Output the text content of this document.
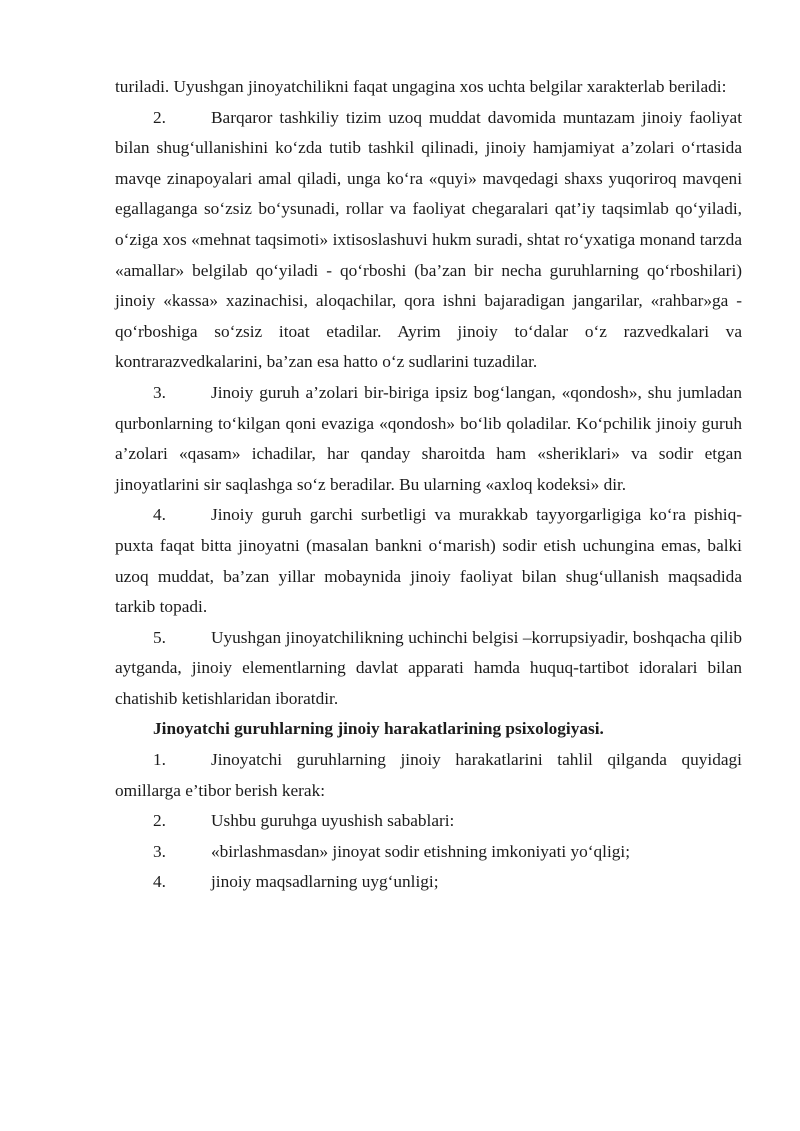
turiladi. Uyushgan jinoyatchilikni faqat ungagina xos uchta belgilar xarakterlab beriladi:

2.	Barqaror tashkiliy tizim uzoq muddat davomida muntazam jinoiy faoliyat bilan shug‘ullanishini ko‘zda tutib tashkil qilinadi, jinoiy hamjamiyat a’zolari o‘rtasida mavqe zinapoyalari amal qiladi, unga ko‘ra «quyi» mavqedagi shaxs yuqoriroq mavqeni egallaganga so‘zsiz bo‘ysunadi, rollar va faoliyat chegaralari qat’iy taqsimlab qo‘yiladi, o‘ziga xos «mehnat taqsimoti» ixtisoslashuvi hukm suradi, shtat ro‘yxatiga monand tarzda «amallar» belgilab qo‘yiladi - qo‘rboshi (ba’zan bir necha guruhlarning qo‘rboshilari) jinoiy «kassa» xazinachisi, aloqachilar, qora ishni bajaradigan jangarilar, «rahbar»ga - qo‘rboshiga so‘zsiz itoat etadilar. Ayrim jinoiy to‘dalar o‘z razvedkalari va kontrarazvedkalarini, ba’zan esa hatto o‘z sudlarini tuzadilar.

3.	Jinoiy guruh a’zolari bir-biriga ipsiz bog‘langan, «qondosh», shu jumladan qurbonlarning to‘kilgan qoni evaziga «qondosh» bo‘lib qoladilar. Ko‘pchilik jinoiy guruh a’zolari «qasam» ichadilar, har qanday sharoitda ham «sheriklari» va sodir etgan jinoyatlarini sir saqlashga so‘z beradilar. Bu ularning «axloq kodeksi» dir.

4.	Jinoiy guruh garchi surbetligi va murakkab tayyorgarligiga ko‘ra pishiq-puxta faqat bitta jinoyatni (masalan bankni o‘marish) sodir etish uchungina emas, balki uzoq muddat, ba’zan yillar mobaynida jinoiy faoliyat bilan shug‘ullanish maqsadida tarkib topadi.

5.	Uyushgan jinoyatchilikning uchinchi belgisi –korrupsiyadir, boshqacha qilib aytganda, jinoiy elementlarning davlat apparati hamda huquq-tartibot idoralari bilan chatishib ketishlaridan iboratdir.

Jinoyatchi guruhlarning jinoiy harakatlarining psixologiyasi.

1.	Jinoyatchi guruhlarning jinoiy harakatlarini tahlil qilganda quyidagi omillarga e’tibor berish kerak:

2.	Ushbu guruhga uyushish sabablari:

3.	«birlashmasdan» jinoyat sodir etishning imkoniyati yo‘qligi;

4.	jinoiy maqsadlarning uyg‘unligi;
